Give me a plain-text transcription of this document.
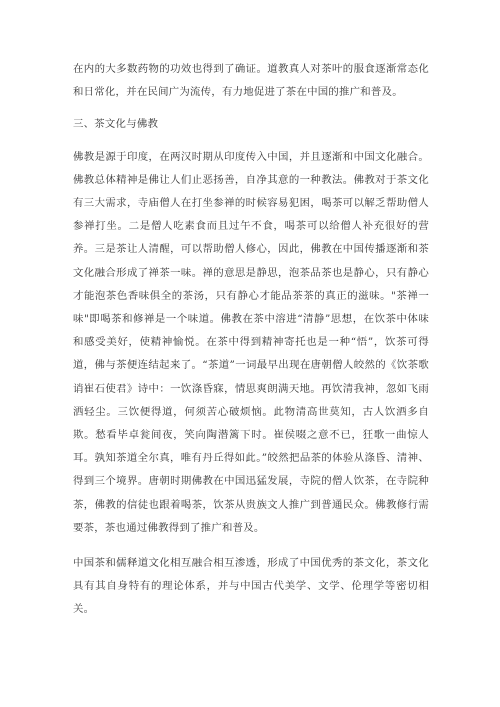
在内的大多数药物的功效也得到了确证。道教真人对茶叶的服食逐渐常态化和日常化，并在民间广为流传，有力地促进了茶在中国的推广和普及。

三、茶文化与佛教

佛教是源于印度，在两汉时期从印度传入中国，并且逐渐和中国文化融合。佛教总体精神是佛让人们止恶扬善，自净其意的一种教法。佛教对于茶文化有三大需求，寺庙僧人在打坐参禅的时候容易犯困，喝茶可以解乏帮助僧人参禅打坐。二是僧人吃素食而且过午不食，喝茶可以给僧人补充很好的营养。三是茶让人清醒，可以帮助僧人修心，因此，佛教在中国传播逐渐和茶文化融合形成了禅茶一味。禅的意思是静思，泡茶品茶也是静心，只有静心才能泡茶色香味俱全的茶汤，只有静心才能品茶茶的真正的滋味。"茶禅一味"即喝茶和修禅是一个味道。佛教在茶中溶进“清静”思想，在饮茶中体味和感受美好，使精神愉悦。在茶中得到精神寄托也是一种“悟”，饮茶可得道，佛与茶便连结起来了。“茶道”一词最早出现在唐朝僧人皎然的《饮茶歌诮崔石使君》诗中：一饮涤昏寐，情思爽朗满天地。再饮清我神，忽如飞雨洒轻尘。三饮便得道，何须苦心破烦恼。此物清高世莫知，古人饮酒多自欺。愁看毕卓瓮间夜，笑向陶潜篱下时。崔侯啜之意不已，狂歌一曲惊人耳。孰知茶道全尔真，唯有丹丘得如此。”皎然把品茶的体验从涤昏、清神、得到三个境界。唐朝时期佛教在中国迅猛发展，寺院的僧人饮茶，在寺院种茶，佛教的信徒也跟着喝茶，饮茶从贵族文人推广到普通民众。佛教修行需要茶，茶也通过佛教得到了推广和普及。

中国茶和儒释道文化相互融合相互渗透，形成了中国优秀的茶文化，茶文化具有其自身特有的理论体系，并与中国古代美学、文学、伦理学等密切相关。
